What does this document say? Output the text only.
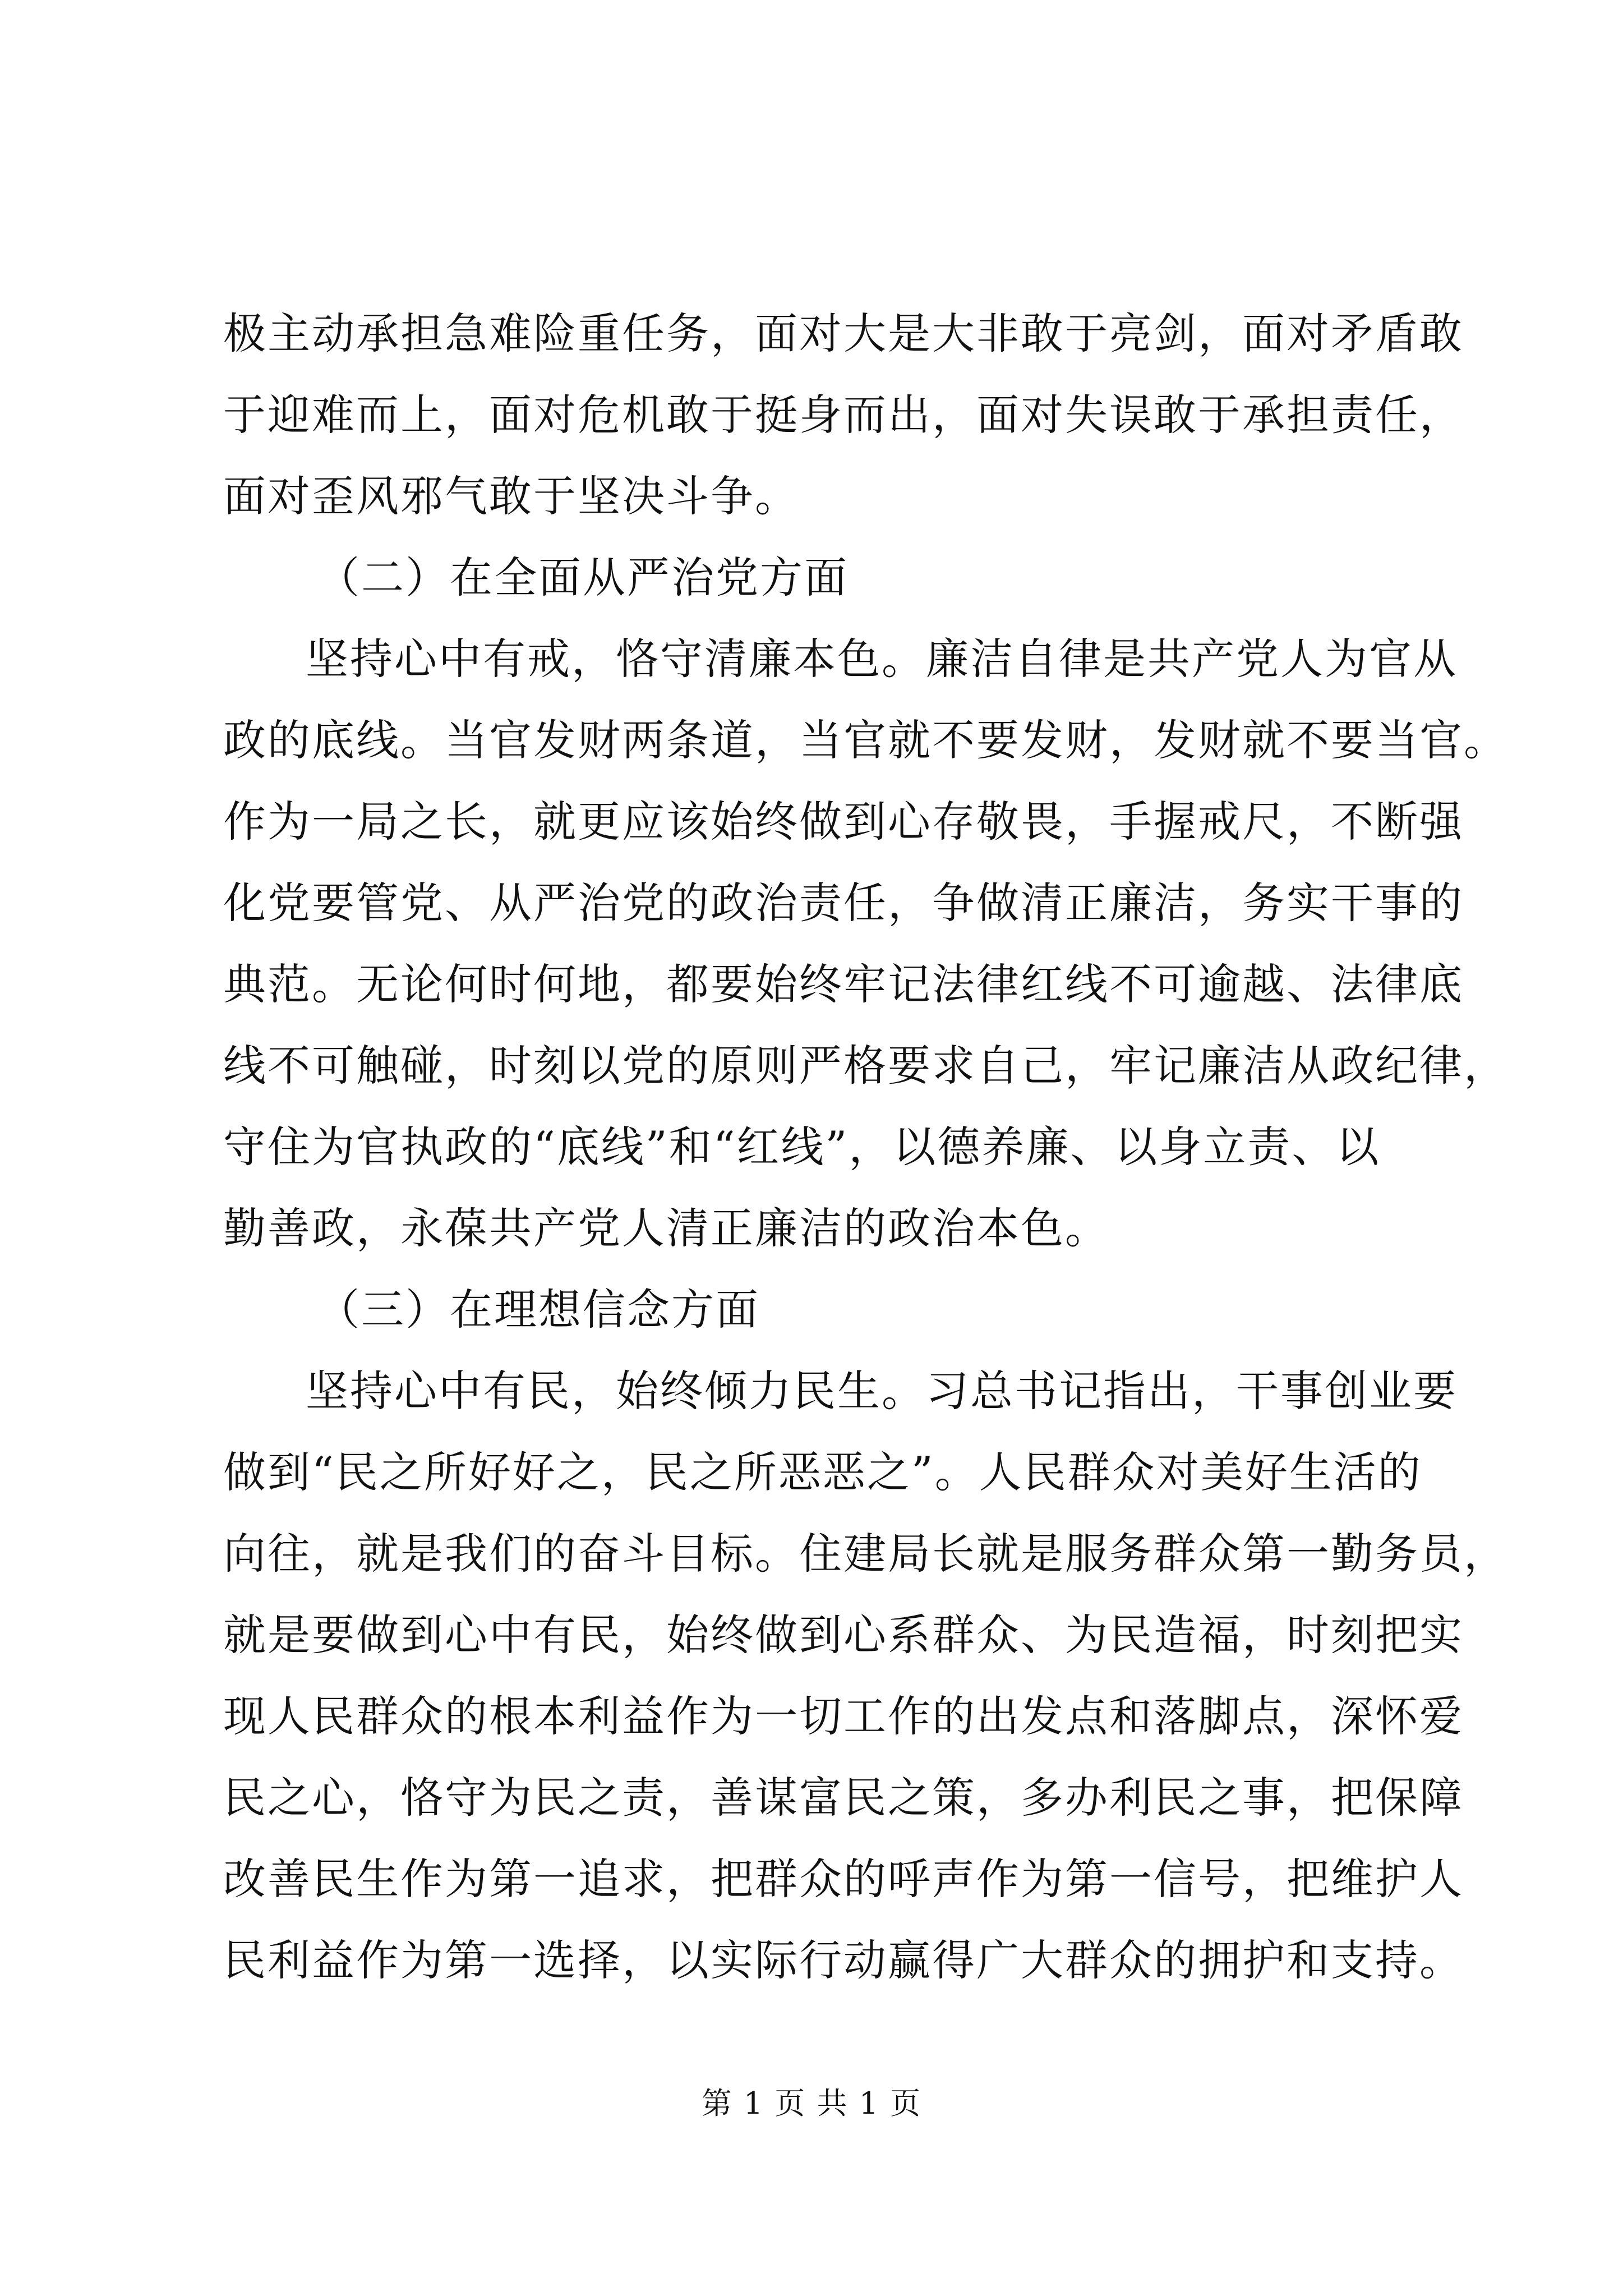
极主动承担急难险重任务，面对大是大非敢于亮剑，面对矛盾敢
于迎难而上，面对危机敢于挺身而出，面对失误敢于承担责任，
面对歪风邪气敢于坚决斗争。
（二）在全面从严治党方面
坚持心中有戒，恪守清廉本色。廉洁自律是共产党人为官从
政的底线。当官发财两条道，当官就不要发财，发财就不要当官。
作为一局之长，就更应该始终做到心存敬畏，手握戒尺，不断强
化党要管党、从严治党的政治责任，争做清正廉洁，务实干事的
典范。无论何时何地，都要始终牢记法律红线不可逾越、法律底
线不可触碰，时刻以党的原则严格要求自己，牢记廉洁从政纪律，
守住为官执政的“底线”和“红线”，以德养廉、以身立责、以
勤善政，永葆共产党人清正廉洁的政治本色。
（三）在理想信念方面
坚持心中有民，始终倾力民生。习总书记指出，干事创业要
做到“民之所好好之，民之所恶恶之”。人民群众对美好生活的
向往，就是我们的奋斗目标。住建局长就是服务群众第一勤务员，
就是要做到心中有民，始终做到心系群众、为民造福，时刻把实
现人民群众的根本利益作为一切工作的出发点和落脚点，深怀爱
民之心，恪守为民之责，善谋富民之策，多办利民之事，把保障
改善民生作为第一追求，把群众的呼声作为第一信号，把维护人
民利益作为第一选择，以实际行动赢得广大群众的拥护和支持。
第 1 页 共 1 页
